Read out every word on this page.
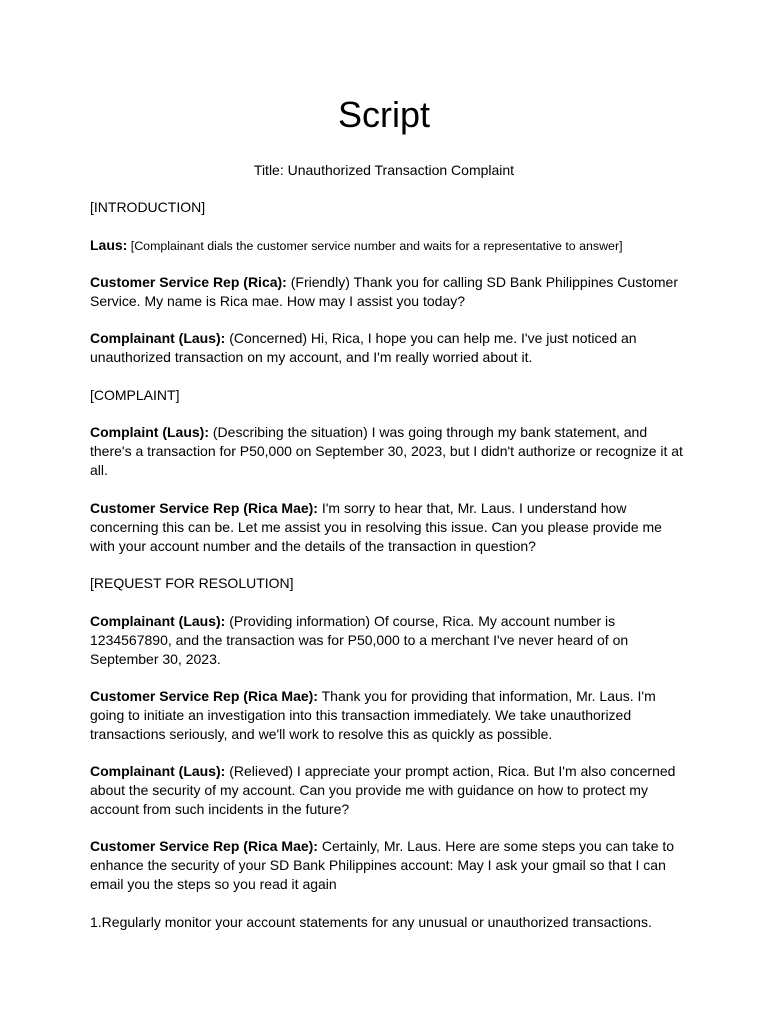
Script

Title: Unauthorized Transaction Complaint

[INTRODUCTION]

Laus: [Complainant dials the customer service number and waits for a representative to answer]

Customer Service Rep (Rica): (Friendly) Thank you for calling SD Bank Philippines Customer Service. My name is Rica mae. How may I assist you today?

Complainant (Laus): (Concerned) Hi, Rica, I hope you can help me. I've just noticed an unauthorized transaction on my account, and I'm really worried about it.

[COMPLAINT]

Complaint (Laus): (Describing the situation) I was going through my bank statement, and there's a transaction for P50,000 on September 30, 2023, but I didn't authorize or recognize it at all.

Customer Service Rep (Rica Mae): I'm sorry to hear that, Mr. Laus. I understand how concerning this can be. Let me assist you in resolving this issue. Can you please provide me with your account number and the details of the transaction in question?

[REQUEST FOR RESOLUTION]

Complainant (Laus): (Providing information) Of course, Rica. My account number is 1234567890, and the transaction was for P50,000 to a merchant I've never heard of on September 30, 2023.

Customer Service Rep (Rica Mae): Thank you for providing that information, Mr. Laus. I'm going to initiate an investigation into this transaction immediately. We take unauthorized transactions seriously, and we'll work to resolve this as quickly as possible.

Complainant (Laus): (Relieved) I appreciate your prompt action, Rica. But I'm also concerned about the security of my account. Can you provide me with guidance on how to protect my account from such incidents in the future?

Customer Service Rep (Rica Mae): Certainly, Mr. Laus. Here are some steps you can take to enhance the security of your SD Bank Philippines account: May I ask your gmail so that I can email you the steps so you read it again

1.Regularly monitor your account statements for any unusual or unauthorized transactions.
